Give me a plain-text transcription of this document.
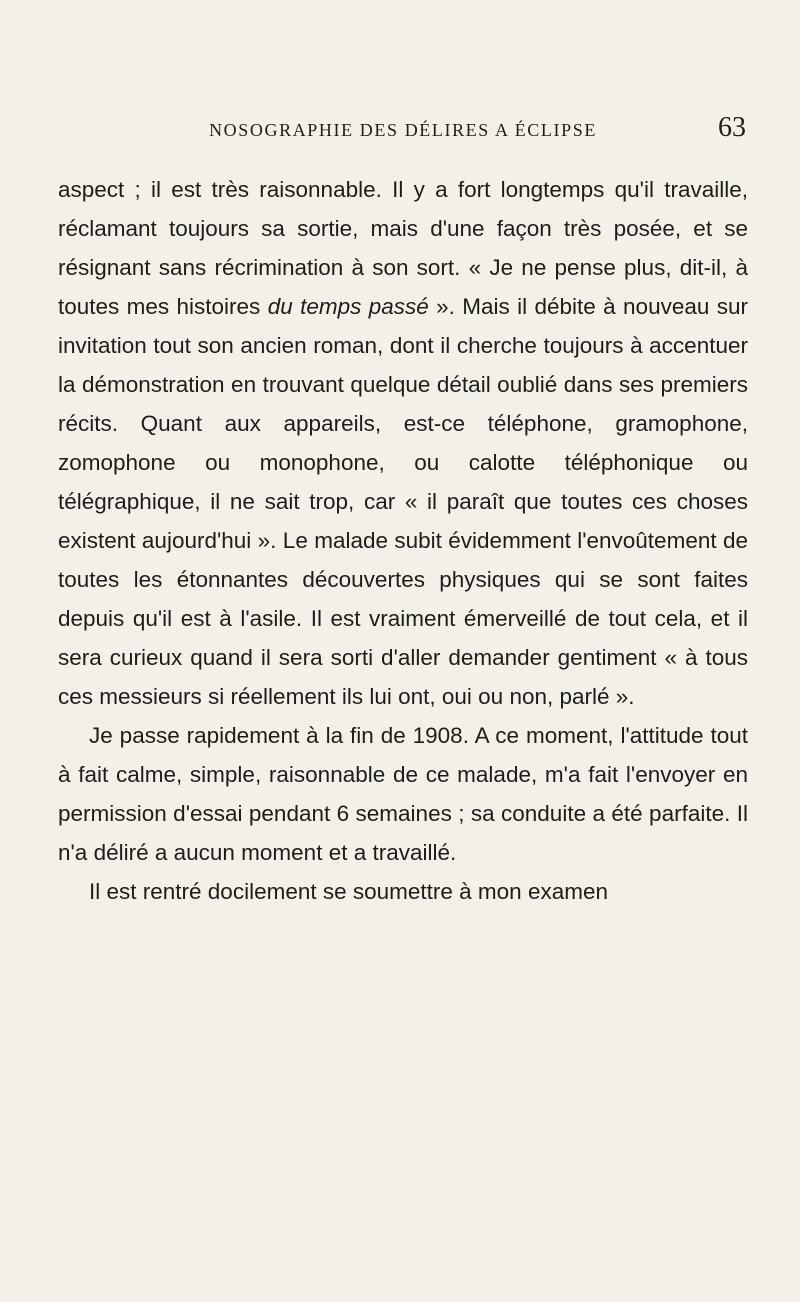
NOSOGRAPHIE DES DÉLIRES A ÉCLIPSE	63

aspect ; il est très raisonnable. Il y a fort longtemps qu'il travaille, réclamant toujours sa sortie, mais d'une façon très posée, et se résignant sans récrimination à son sort. « Je ne pense plus, dit-il, à toutes mes histoires du temps passé ». Mais il débite à nouveau sur invitation tout son ancien roman, dont il cherche toujours à accentuer la démonstration en trouvant quelque détail oublié dans ses premiers récits. Quant aux appareils, est-ce téléphone, gramophone, zomophone ou monophone, ou calotte téléphonique ou télégraphique, il ne sait trop, car « il paraît que toutes ces choses existent aujourd'hui ». Le malade subit évidemment l'envoûtement de toutes les étonnantes découvertes physiques qui se sont faites depuis qu'il est à l'asile. Il est vraiment émerveillé de tout cela, et il sera curieux quand il sera sorti d'aller demander gentiment « à tous ces messieurs si réellement ils lui ont, oui ou non, parlé ».

Je passe rapidement à la fin de 1908. A ce moment, l'attitude tout à fait calme, simple, raisonnable de ce malade, m'a fait l'envoyer en permission d'essai pendant 6 semaines ; sa conduite a été parfaite. Il n'a déliré a aucun moment et a travaillé.

Il est rentré docilement se soumettre à mon examen
